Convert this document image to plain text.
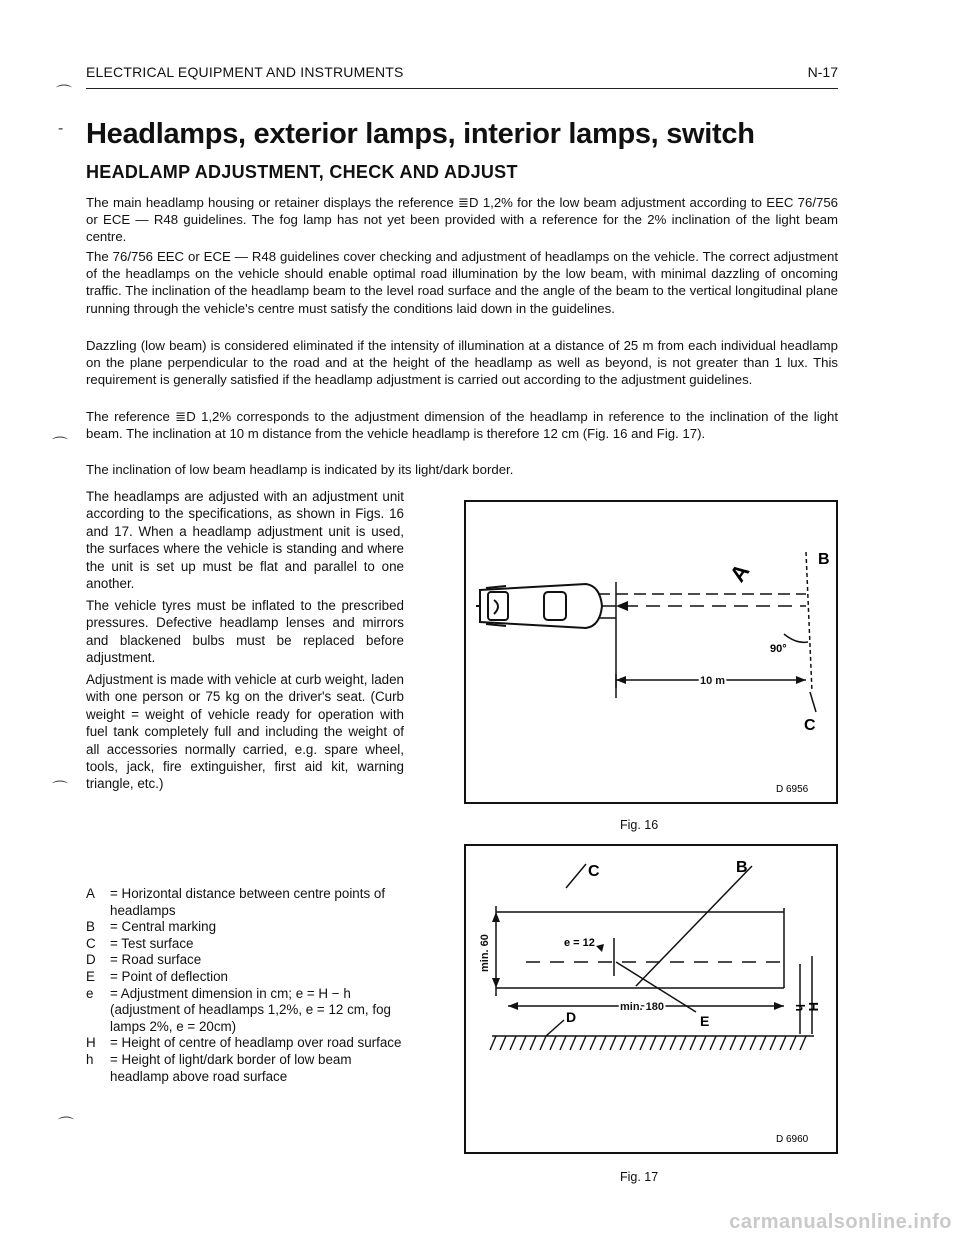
ELECTRICAL EQUIPMENT AND INSTRUMENTS	N-17
⌒
-
⌒
⌒
⌒
Headlamps, exterior lamps, interior lamps, switch
HEADLAMP ADJUSTMENT, CHECK AND ADJUST
The main headlamp housing or retainer displays the reference ≣D 1,2% for the low beam adjustment according to EEC 76/756 or ECE — R48 guidelines. The fog lamp has not yet been provided with a reference for the 2% inclination of the light beam centre.
The 76/756 EEC or ECE — R48 guidelines cover checking and adjustment of headlamps on the vehicle. The correct adjustment of the headlamps on the vehicle should enable optimal road illumination by the low beam, with minimal dazzling of oncoming traffic. The inclination of the headlamp beam to the level road surface and the angle of the beam to the vertical longitudinal plane running through the vehicle's centre must satisfy the conditions laid down in the guidelines.
Dazzling (low beam) is considered eliminated if the intensity of illumination at a distance of 25 m from each individual headlamp on the plane perpendicular to the road and at the height of the headlamp as well as beyond, is not greater than 1 lux. This requirement is generally satisfied if the headlamp adjustment is carried out according to the adjustment guidelines.
The reference ≣D 1,2% corresponds to the adjustment dimension of the headlamp in reference to the inclination of the light beam. The inclination at 10 m distance from the vehicle headlamp is therefore 12 cm (Fig. 16 and Fig. 17).
The inclination of low beam headlamp is indicated by its light/dark border.
The headlamps are adjusted with an adjustment unit according to the specifications, as shown in Figs. 16 and 17. When a headlamp adjustment unit is used, the surfaces where the vehicle is standing and where the unit is set up must be flat and parallel to one another.
The vehicle tyres must be inflated to the prescribed pressures. Defective headlamp lenses and mirrors and blackened bulbs must be replaced before adjustment.
Adjustment is made with vehicle at curb weight, laden with one person or 75 kg on the driver's seat. (Curb weight = weight of vehicle ready for operation with fuel tank completely full and including the weight of all accessories normally carried, e.g. spare wheel, tools, jack, fire extinguisher, first aid kit, warning triangle, etc.)
A	= Horizontal distance between centre points of headlamps
B	= Central marking
C	= Test surface
D	= Road surface
E	= Point of deflection
e	= Adjustment dimension in cm; e = H − h (adjustment of headlamps 1,2%, e = 12 cm, fog lamps 2%, e = 20cm)
H	= Height of centre of headlamp over road surface
h	= Height of light/dark border of low beam headlamp above road surface
A	B
C
90°
10 m
D 6956
Fig. 16
C	B
e = 12
E
D
min. 180
min. 60
h H
D 6960
Fig. 17
carmanualsonline.info
